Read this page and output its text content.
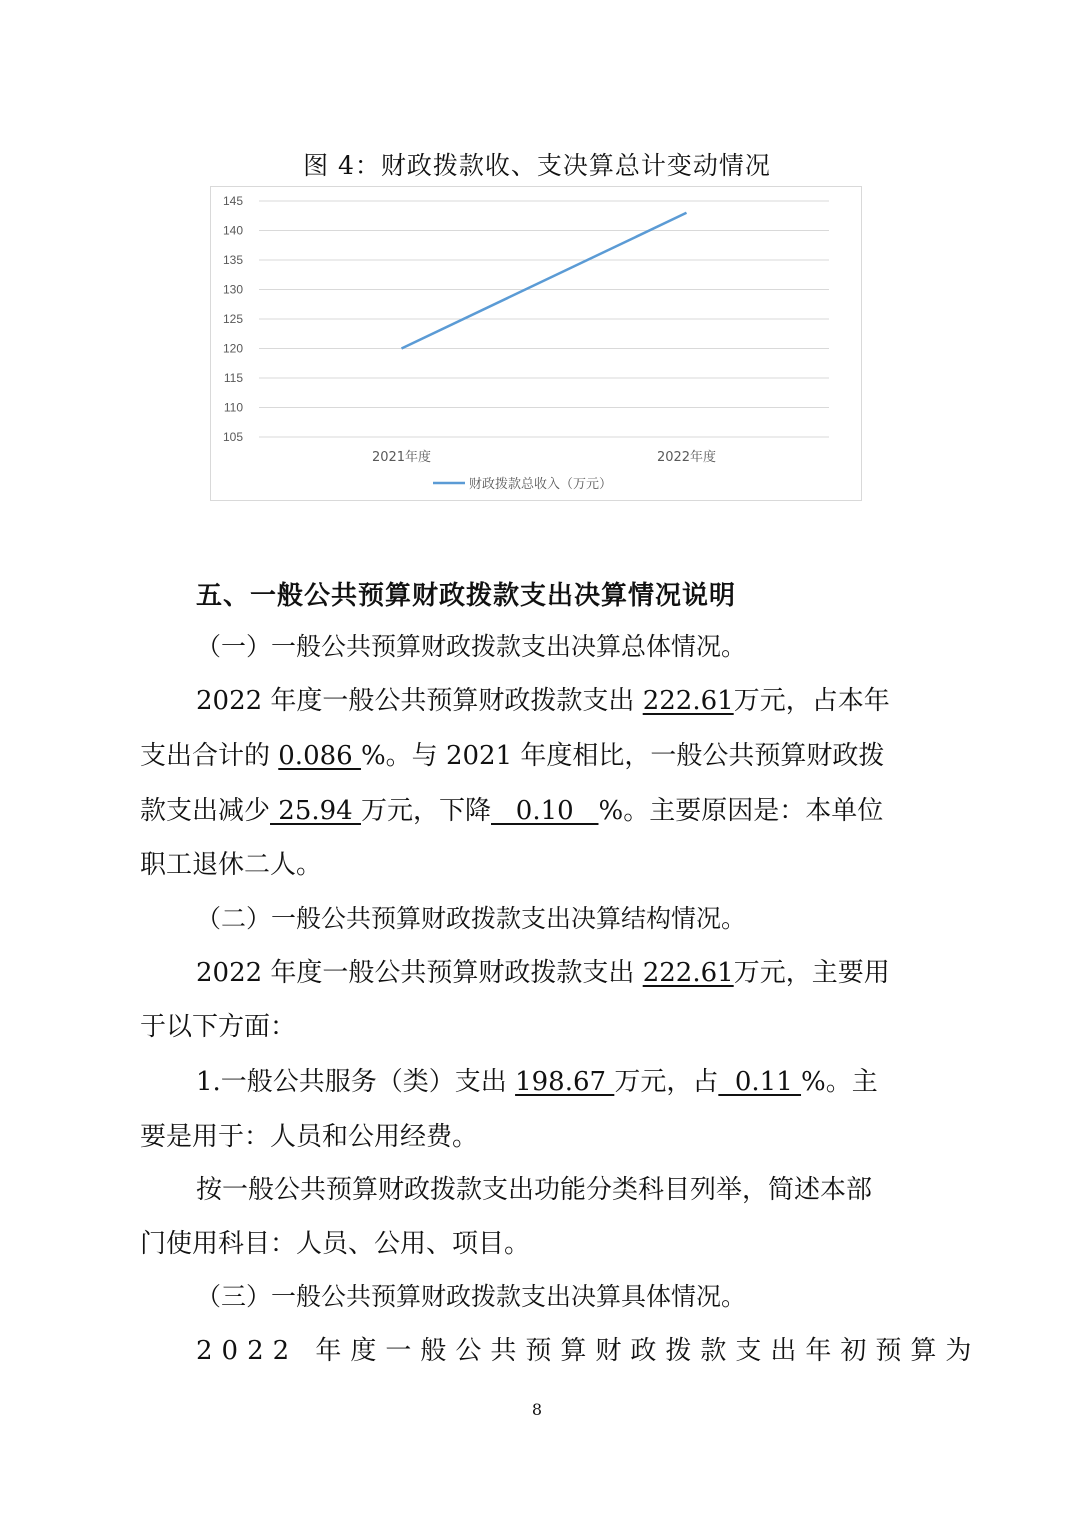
图 4：财政拨款收、支决算总计变动情况
145
140
135
130
125
120
115
110
105
2021年度	2022年度
财政拨款总收入（万元）
五、一般公共预算财政拨款支出决算情况说明
（一）一般公共预算财政拨款支出决算总体情况。
2022 年度一般公共预算财政拨款支出 222.61万元，占本年
支出合计的 0.086 %。与 2021 年度相比，一般公共预算财政拨
款支出减少 25.94 万元，下降   0.10   %。主要原因是：本单位
职工退休二人。
（二）一般公共预算财政拨款支出决算结构情况。
2022 年度一般公共预算财政拨款支出 222.61万元，主要用
于以下方面：
1.一般公共服务（类）支出 198.67 万元，占  0.11 %。主
要是用于：人员和公用经费。
按一般公共预算财政拨款支出功能分类科目列举，简述本部
门使用科目：人员、公用、项目。
（三）一般公共预算财政拨款支出决算具体情况。
2022 年度一般公共预算财政拨款支出年初预算为
8
